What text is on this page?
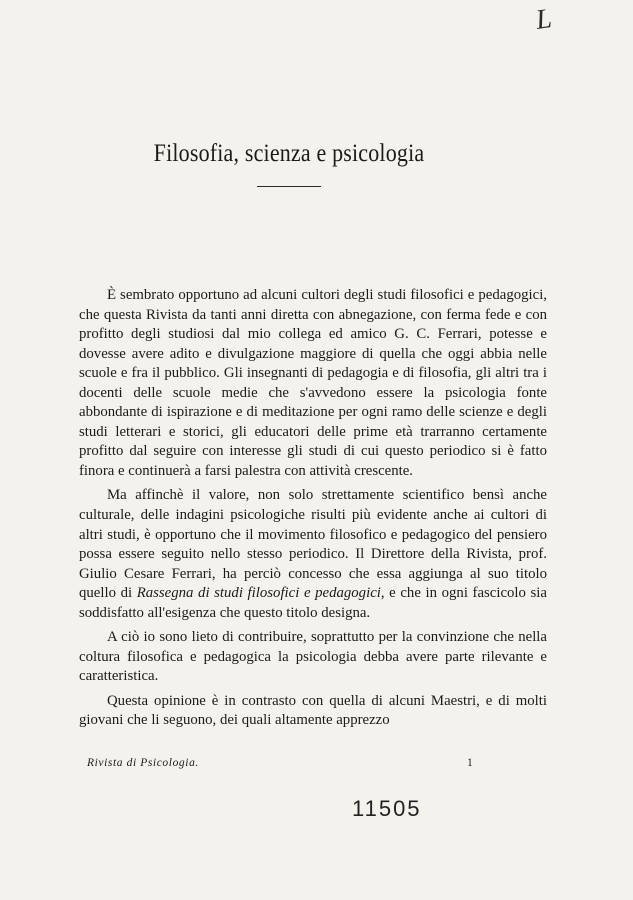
L
Filosofia, scienza e psicologia

È sembrato opportuno ad alcuni cultori degli studi filosofici e pedagogici, che questa Rivista da tanti anni diretta con abnegazione, con ferma fede e con profitto degli studiosi dal mio collega ed amico G. C. Ferrari, potesse e dovesse avere adito e divulgazione maggiore di quella che oggi abbia nelle scuole e fra il pubblico. Gli insegnanti di pedagogia e di filosofia, gli altri tra i docenti delle scuole medie che s'avvedono essere la psicologia fonte abbondante di ispirazione e di meditazione per ogni ramo delle scienze e degli studi letterari e storici, gli educatori delle prime età trarranno certamente profitto dal seguire con interesse gli studi di cui questo periodico si è fatto finora e continuerà a farsi palestra con attività crescente.

Ma affinchè il valore, non solo strettamente scientifico bensì anche culturale, delle indagini psicologiche risulti più evidente anche ai cultori di altri studi, è opportuno che il movimento filosofico e pedagogico del pensiero possa essere seguito nello stesso periodico. Il Direttore della Rivista, prof. Giulio Cesare Ferrari, ha perciò concesso che essa aggiunga al suo titolo quello di Rassegna di studi filosofici e pedagogici, e che in ogni fascicolo sia soddisfatto all'esigenza che questo titolo designa.

A ciò io sono lieto di contribuire, soprattutto per la convinzione che nella coltura filosofica e pedagogica la psicologia debba avere parte rilevante e caratteristica.

Questa opinione è in contrasto con quella di alcuni Maestri, e di molti giovani che li seguono, dei quali altamente apprezzo

Rivista di Psicologia.	1
11505
